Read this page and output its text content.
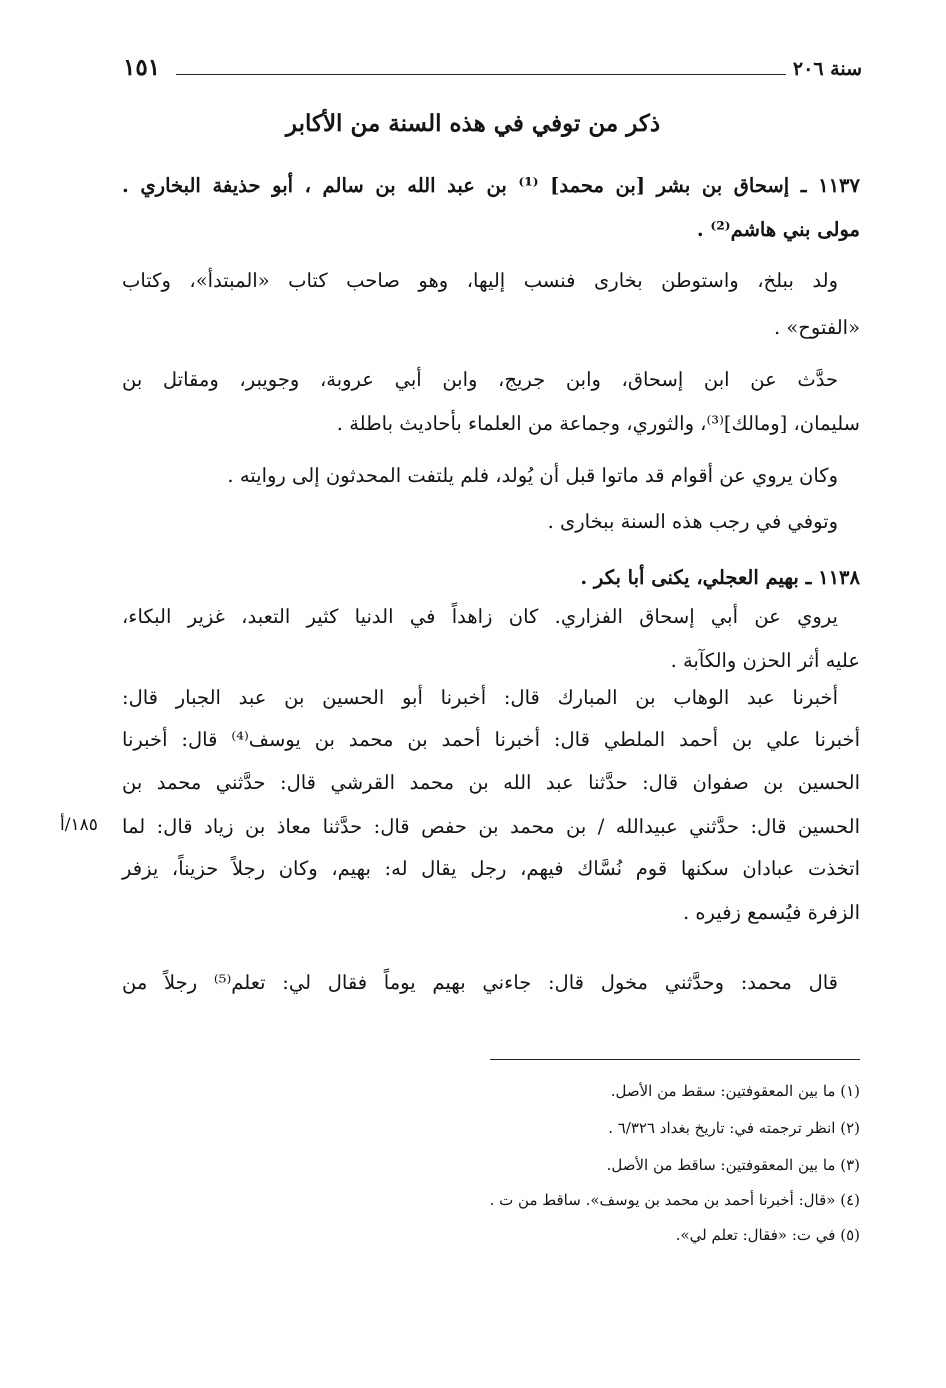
سنة ٢٠٦
١٥١
ذكر من توفي في هذه السنة من الأكابر

١١٣٧ ـ إسحاق بن بشر [بن محمد] ⁽¹⁾ بن عبد الله بن سالم ، أبو حذيفة البخاري .

مولى بني هاشم⁽²⁾ .

ولد ببلخ، واستوطن بخارى فنسب إليها، وهو صاحب كتاب «المبتدأ»، وكتاب

«الفتوح» .

حدَّث عن ابن إسحاق، وابن جريج، وابن أبي عروبة، وجويبر، ومقاتل بن

سليمان، [ومالك]⁽³⁾، والثوري، وجماعة من العلماء بأحاديث باطلة .

وكان يروي عن أقوام قد ماتوا قبل أن يُولد، فلم يلتفت المحدثون إلى روايته .

وتوفي في رجب هذه السنة ببخارى .

١١٣٨ ـ بهيم العجلي، يكنى أبا بكر .

يروي عن أبي إسحاق الفزاري. كان زاهداً في الدنيا كثير التعبد، غزير البكاء،

عليه أثر الحزن والكآبة .

أخبرنا عبد الوهاب بن المبارك قال: أخبرنا أبو الحسين بن عبد الجبار قال:

أخبرنا علي بن أحمد الملطي قال: أخبرنا أحمد بن محمد بن يوسف⁽⁴⁾ قال: أخبرنا

الحسين بن صفوان قال: حدَّثنا عبد الله بن محمد القرشي قال: حدَّثني محمد بن

الحسين قال: حدَّثني عبيدالله / بن محمد بن حفص قال: حدَّثنا معاذ بن زياد قال: لما

اتخذت عبادان سكنها قوم نُسَّاك فيهم، رجل يقال له: بهيم، وكان رجلاً حزيناً، يزفر

الزفرة فيُسمع زفيره .

قال محمد: وحدَّثني مخول قال: جاءني بهيم يوماً فقال لي: تعلم⁽⁵⁾ رجلاً من

١٨٥/أ

(١) ما بين المعقوفتين: سقط من الأصل.

(٢) انظر ترجمته في: تاريخ بغداد ٦/٣٢٦ .

(٣) ما بين المعقوفتين: ساقط من الأصل.

(٤) «قال: أخبرنا أحمد بن محمد بن يوسف». ساقط من ت .

(٥) في ت: «فقال: تعلم لي».
